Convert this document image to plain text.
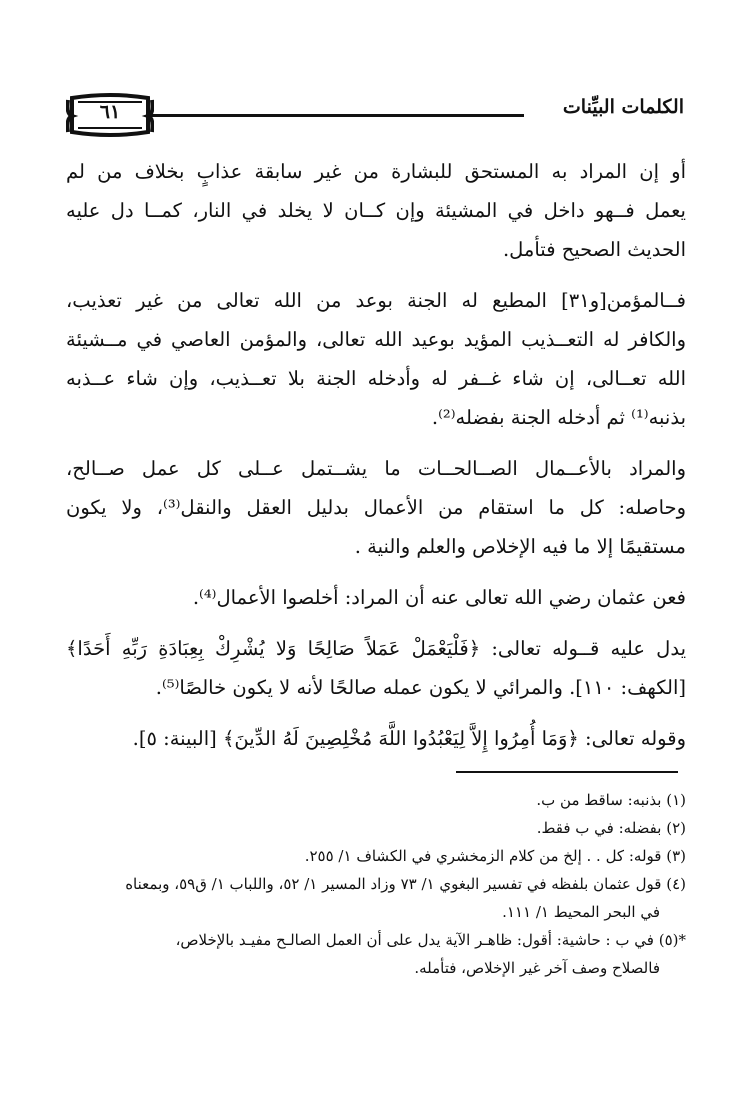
٦١	الكلمات البيِّنات

أو إن المراد به المستحق للبشارة من غير سابقة عذابٍ بخلاف من لم
يعمل فــهو داخل في المشيئة وإن كــان لا يخلد في النار، كمــا دل عليه
الحديث الصحيح فتأمل.

فــالمؤمن[و٣١] المطيع له الجنة بوعد من الله تعالى من غير تعذيب،
والكافر له التعــذيب المؤيد بوعيد الله تعالى، والمؤمن العاصي في مــشيئة
الله تعــالى، إن شاء غــفر له وأدخله الجنة بلا تعــذيب، وإن شاء عــذبه
بذنبه⁽¹⁾ ثم أدخله الجنة بفضله⁽²⁾.

والمراد بالأعــمال الصــالحــات ما يشــتمل عــلى كل عمل صــالح،
وحاصله: كل ما استقام من الأعمال بدليل العقل والنقل⁽³⁾، ولا يكون
مستقيمًا إلا ما فيه الإخلاص والعلم والنية .

فعن عثمان رضي الله تعالى عنه أن المراد: أخلصوا الأعمال⁽⁴⁾.

يدل عليه قــوله تعالى: ﴿فَلْيَعْمَلْ عَمَلاً صَالِحًا وَلا يُشْرِكْ بِعِبَادَةِ رَبِّهِ أَحَدًا﴾
[الكهف: ١١٠]. والمرائي لا يكون عمله صالحًا لأنه لا يكون خالصًا⁽⁵⁾.

وقوله تعالى: ﴿وَمَا أُمِرُوا إِلاَّ لِيَعْبُدُوا اللَّهَ مُخْلِصِينَ لَهُ الدِّينَ﴾ [البينة: ٥].

(١) بذنبه: ساقط من ب.

(٢) بفضله: في ب فقط.

(٣) قوله: كل . . إلخ من كلام الزمخشري في الكشاف ١/ ٢٥٥.

(٤) قول عثمان بلفظه في تفسير البغوي ١/ ٧٣ وزاد المسير ١/ ٥٢، واللباب ١/ ق٥٩، وبمعناه
في البحر المحيط ١/ ١١١.

*(٥) في ب : حاشية: أقول: ظاهـر الآية يدل على أن العمل الصالـح مفيـد بالإخلاص،
فالصلاح وصف آخر غير الإخلاص، فتأمله.
